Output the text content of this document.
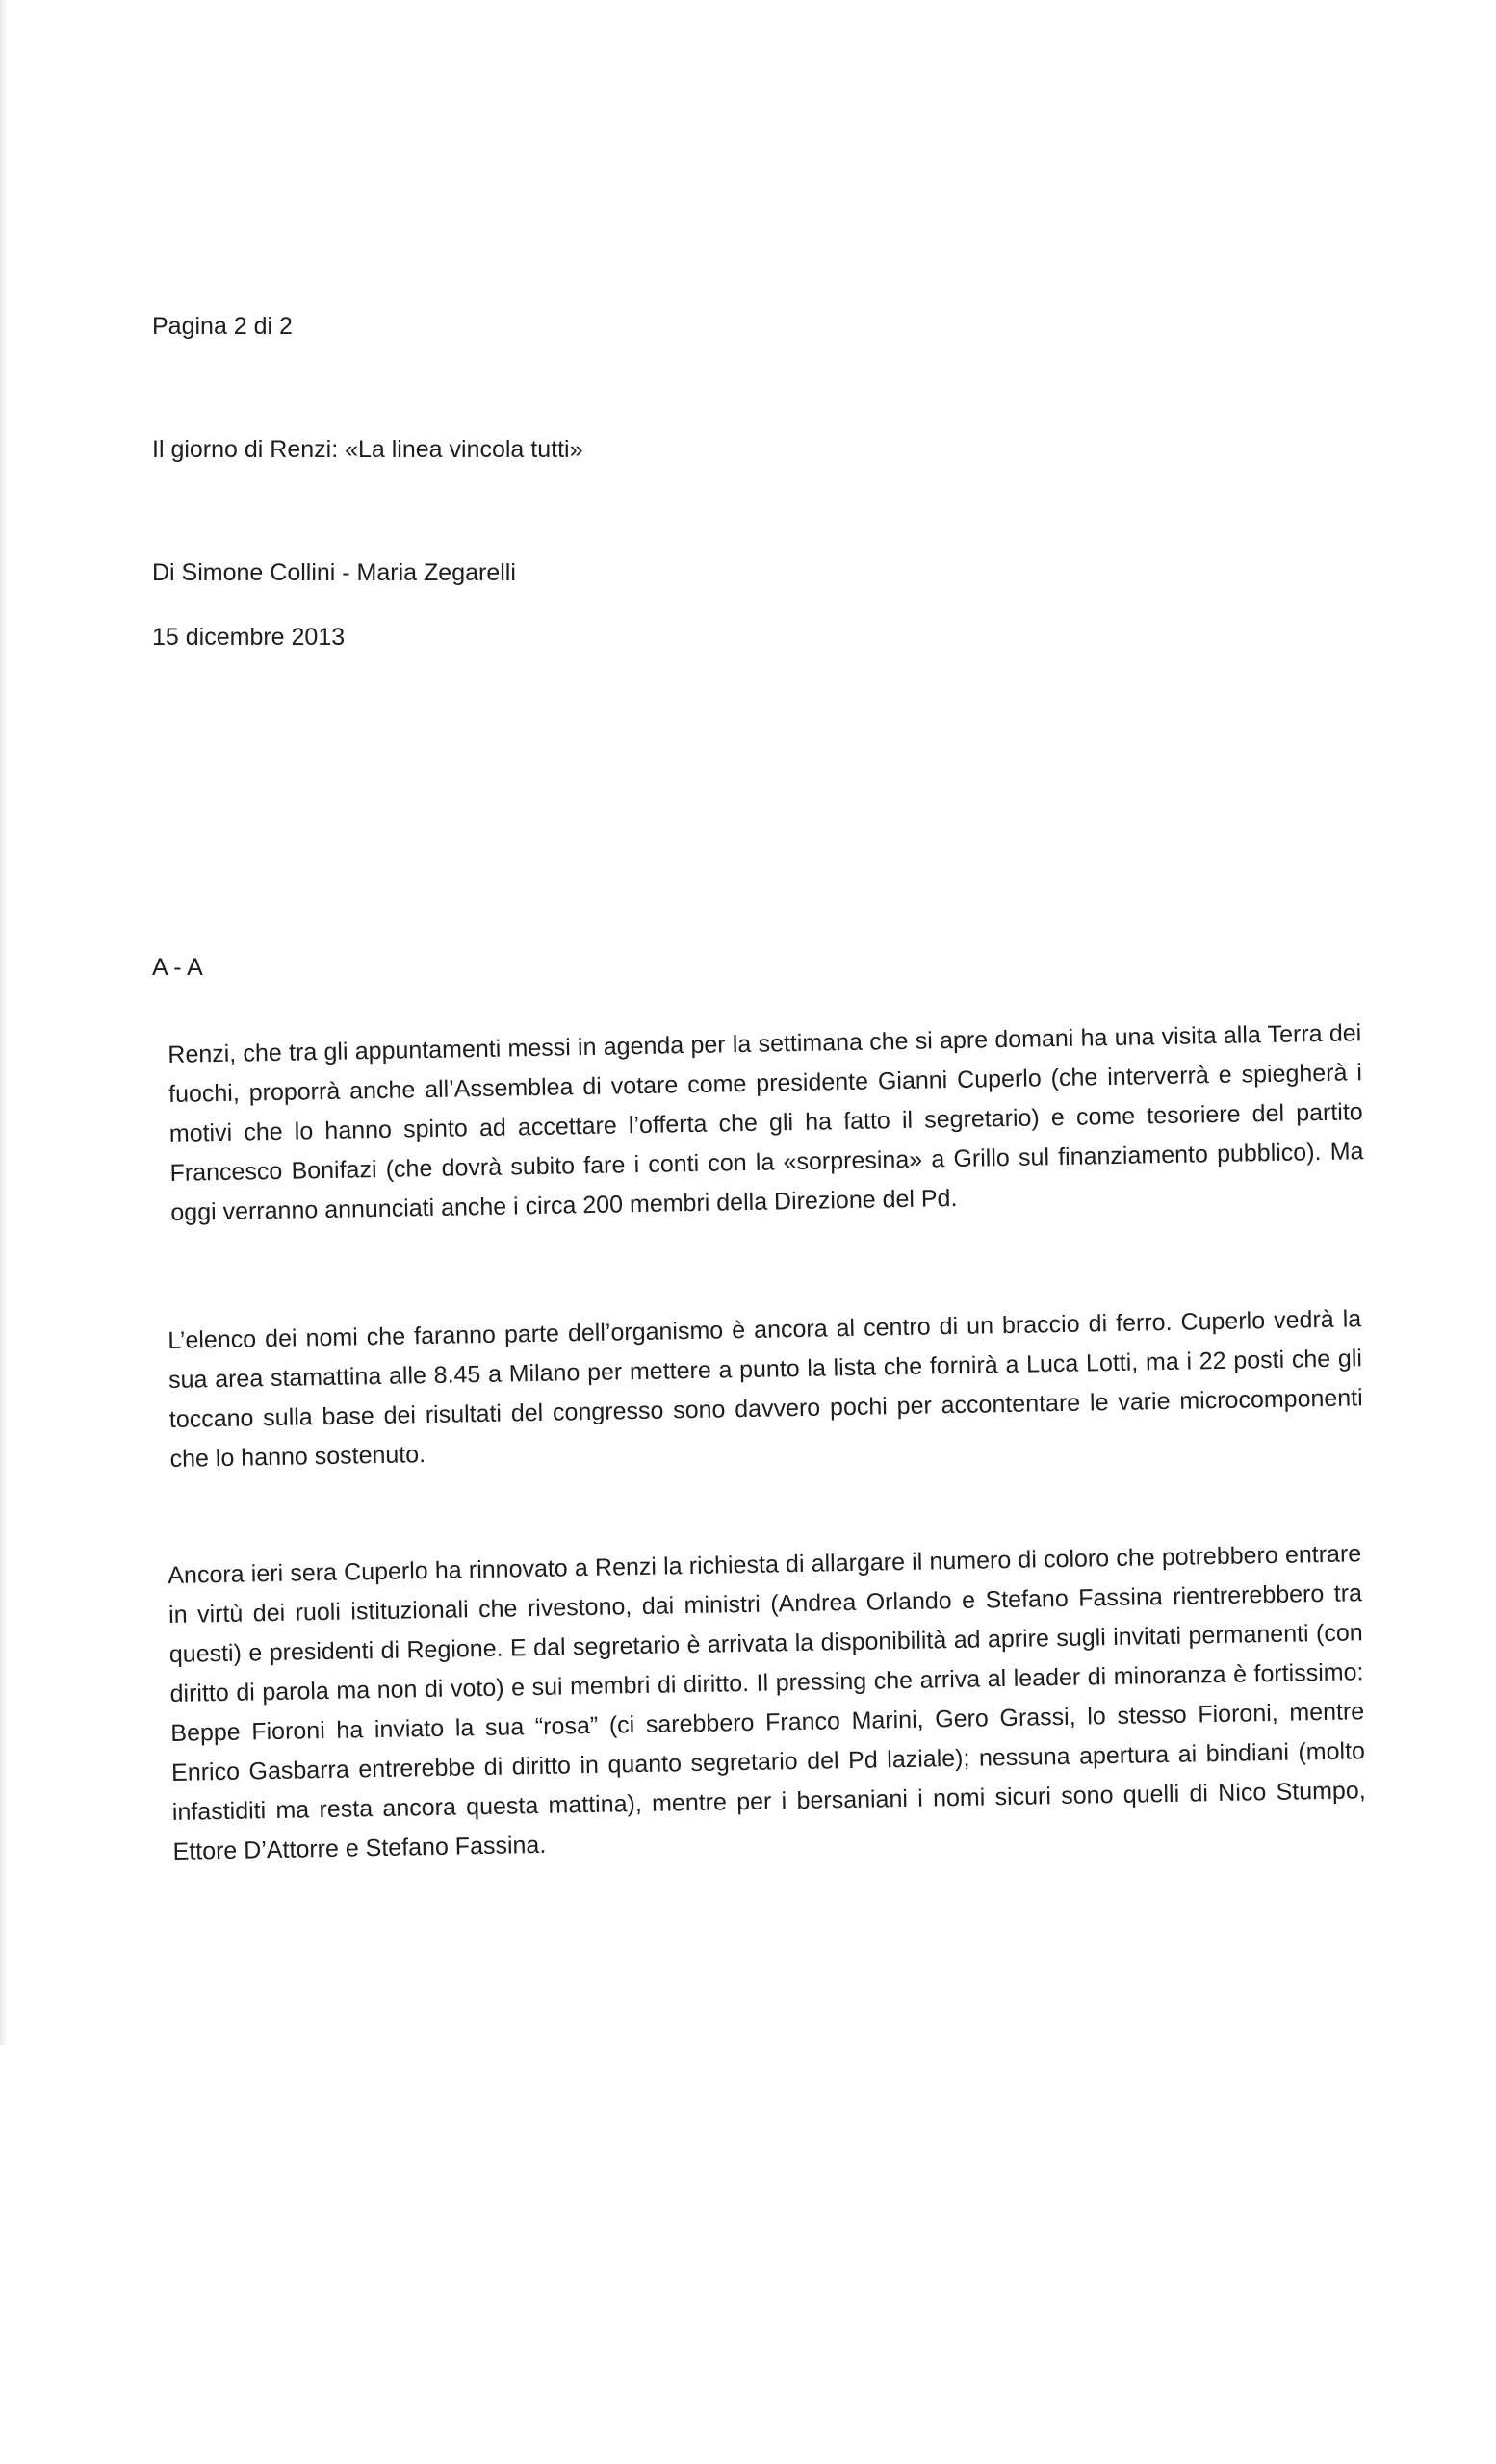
Pagina 2 di 2

Il giorno di Renzi: «La linea vincola tutti»

Di Simone Collini - Maria Zegarelli

15 dicembre 2013

A - A

Renzi, che tra gli appuntamenti messi in agenda per la settimana che si apre domani ha una visita alla Terra dei fuochi, proporrà anche all’Assemblea di votare come presidente Gianni Cuperlo (che interverrà e spiegherà i motivi che lo hanno spinto ad accettare l’offerta che gli ha fatto il segretario) e come tesoriere del partito Francesco Bonifazi (che dovrà subito fare i conti con la «sorpresina» a Grillo sul finanziamento pubblico). Ma oggi verranno annunciati anche i circa 200 membri della Direzione del Pd.

L’elenco dei nomi che faranno parte dell’organismo è ancora al centro di un braccio di ferro. Cuperlo vedrà la sua area stamattina alle 8.45 a Milano per mettere a punto la lista che fornirà a Luca Lotti, ma i 22 posti che gli toccano sulla base dei risultati del congresso sono davvero pochi per accontentare le varie microcomponenti che lo hanno sostenuto.

Ancora ieri sera Cuperlo ha rinnovato a Renzi la richiesta di allargare il numero di coloro che potrebbero entrare in virtù dei ruoli istituzionali che rivestono, dai ministri (Andrea Orlando e Stefano Fassina rientrerebbero tra questi) e presidenti di Regione. E dal segretario è arrivata la disponibilità ad aprire sugli invitati permanenti (con diritto di parola ma non di voto) e sui membri di diritto. Il pressing che arriva al leader di minoranza è fortissimo: Beppe Fioroni ha inviato la sua “rosa” (ci sarebbero Franco Marini, Gero Grassi, lo stesso Fioroni, mentre Enrico Gasbarra entrerebbe di diritto in quanto segretario del Pd laziale); nessuna apertura ai bindiani (molto infastiditi ma resta ancora questa mattina), mentre per i bersaniani i nomi sicuri sono quelli di Nico Stumpo, Ettore D’Attorre e Stefano Fassina.
